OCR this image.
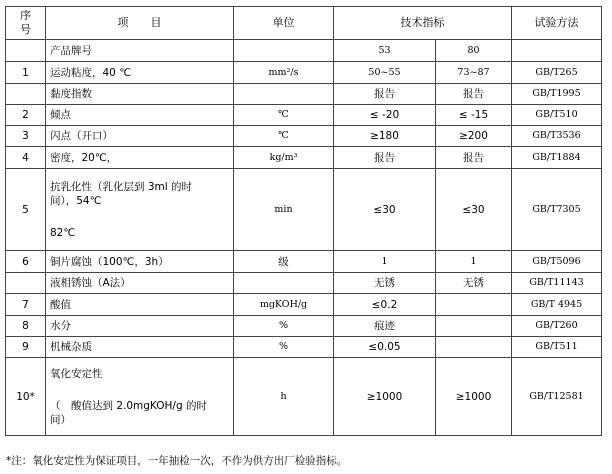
序
号	项　　目	单位	技术指标		试验方法
	产品牌号		53	80	
1	运动粘度，40 ℃	mm²/s	50~55	73~87	GB/T265
	黏度指数		报告	报告	GB/T1995
2	倾点	℃	≤ -20	≤ -15	GB/T510
3	闪点（开口）	℃	≥180	≥200	GB/T3536
4	密度，20℃，	kg/m³	报告	报告	GB/T1884
5	抗乳化性（乳化层到 3ml 的时
间），54℃
82℃	min	≤30	≤30	GB/T7305
6	铜片腐蚀（100℃，3h）	级	1	1	GB/T5096
	液相锈蚀（A法）		无锈	无锈	GB/T11143
7	酸值	mgKOH/g	≤0.2		GB/T 4945
8	水分	%	痕迹		GB/T260
9	机械杂质	%	≤0.05		GB/T511
10*	氧化安定性
（　酸值达到 2.0mgKOH/g 的时
间）	h	≥1000	≥1000	GB/T12581
*注：氧化安定性为保证项目，一年抽检一次，不作为供方出厂检验指标。
